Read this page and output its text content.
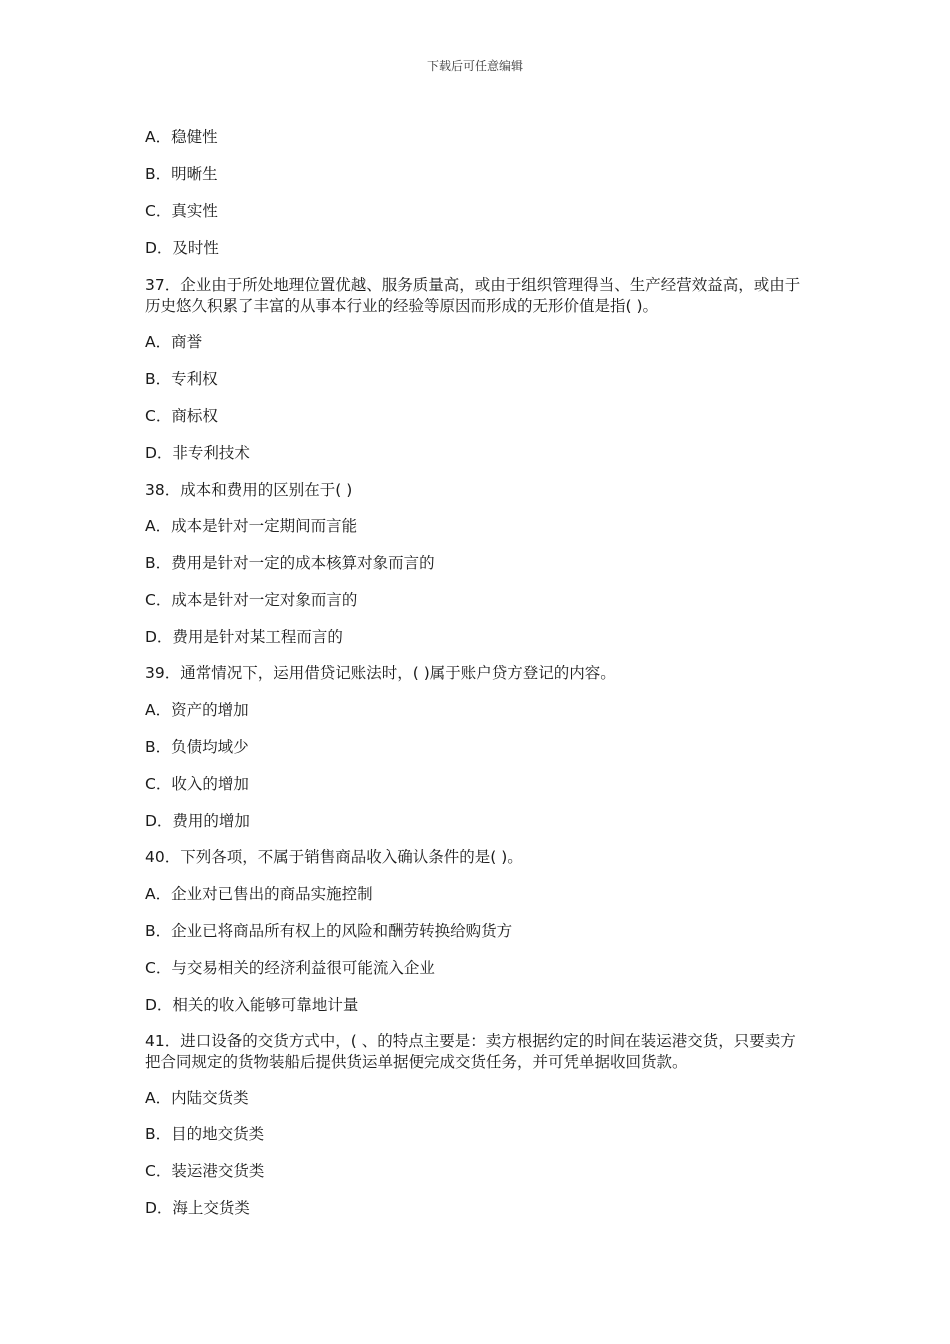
下载后可任意编辑
A．稳健性
B．明晰生
C．真实性
D．及时性
37．企业由于所处地理位置优越、服务质量高，或由于组织管理得当、生产经营效益高，或由于历史悠久积累了丰富的从事本行业的经验等原因而形成的无形价值是指( )。
A．商誉
B．专利权
C．商标权
D．非专利技术
38．成本和费用的区别在于( )
A．成本是针对一定期间而言能
B．费用是针对一定的成本核算对象而言的
C．成本是针对一定对象而言的
D．费用是针对某工程而言的
39．通常情况下，运用借贷记账法时，( )属于账户贷方登记的内容。
A．资产的增加
B．负债均域少
C．收入的增加
D．费用的增加
40．下列各项，不属于销售商品收入确认条件的是( )。
A．企业对已售出的商品实施控制
B．企业已将商品所有权上的风险和酬劳转换给购货方
C．与交易相关的经济利益很可能流入企业
D．相关的收入能够可靠地计量
41．进口设备的交货方式中，( 、的特点主要是：卖方根据约定的时间在装运港交货，只要卖方把合同规定的货物装船后提供货运单据便完成交货任务，并可凭单据收回货款。
A．内陆交货类
B．目的地交货类
C．装运港交货类
D．海上交货类
